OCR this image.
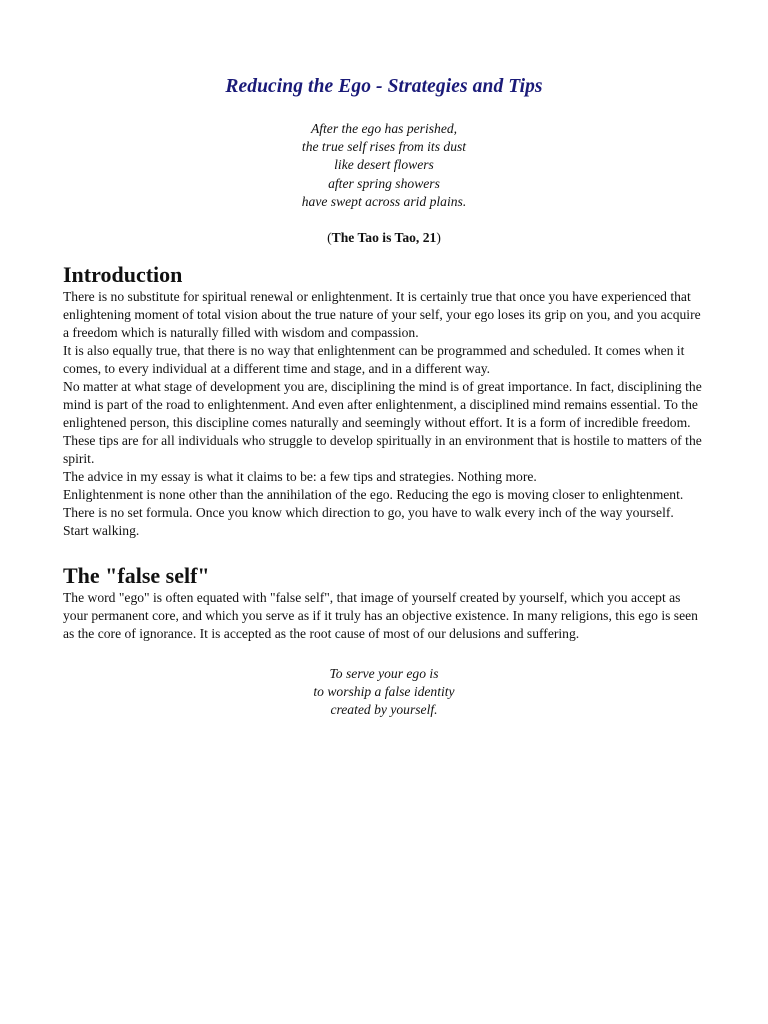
Reducing the Ego - Strategies and Tips
After the ego has perished,
the true self rises from its dust
like desert flowers
after spring showers
have swept across arid plains.

(The Tao is Tao, 21)

Introduction

There is no substitute for spiritual renewal or enlightenment. It is certainly true that once you have experienced that enlightening moment of total vision about the true nature of your self, your ego loses its grip on you, and you acquire a freedom which is naturally filled with wisdom and compassion.

It is also equally true, that there is no way that enlightenment can be programmed and scheduled. It comes when it comes, to every individual at a different time and stage, and in a different way.

No matter at what stage of development you are, disciplining the mind is of great importance. In fact, disciplining the mind is part of the road to enlightenment. And even after enlightenment, a disciplined mind remains essential. To the enlightened person, this discipline comes naturally and seemingly without effort. It is a form of incredible freedom.

These tips are for all individuals who struggle to develop spiritually in an environment that is hostile to matters of the spirit.

The advice in my essay is what it claims to be: a few tips and strategies. Nothing more.

Enlightenment is none other than the annihilation of the ego. Reducing the ego is moving closer to enlightenment.

There is no set formula. Once you know which direction to go, you have to walk every inch of the way yourself.

Start walking.

The "false self"

The word "ego" is often equated with "false self", that image of yourself created by yourself, which you accept as your permanent core, and which you serve as if it truly has an objective existence. In many religions, this ego is seen as the core of ignorance. It is accepted as the root cause of most of our delusions and suffering.

To serve your ego is
to worship a false identity
created by yourself.
